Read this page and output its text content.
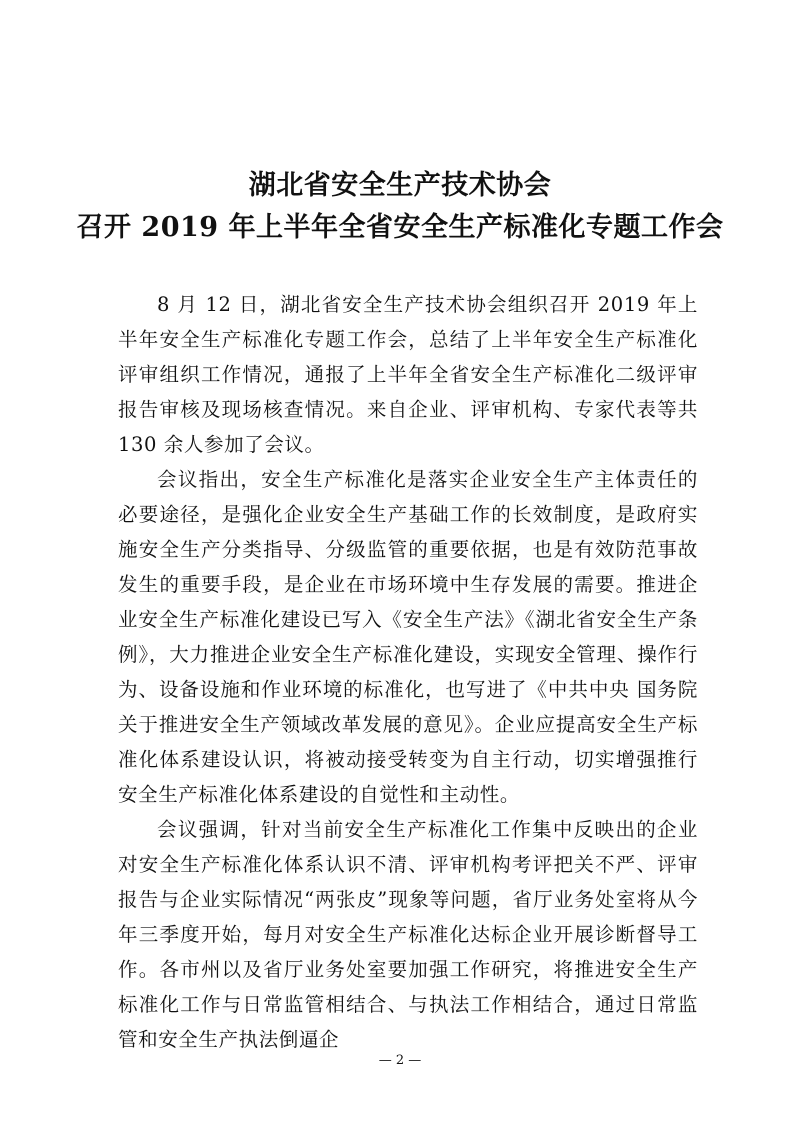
湖北省安全生产技术协会
召开 2019 年上半年全省安全生产标准化专题工作会

8 月 12 日，湖北省安全生产技术协会组织召开 2019 年上半年安全生产标准化专题工作会，总结了上半年安全生产标准化评审组织工作情况，通报了上半年全省安全生产标准化二级评审报告审核及现场核查情况。来自企业、评审机构、专家代表等共 130 余人参加了会议。

会议指出，安全生产标准化是落实企业安全生产主体责任的必要途径，是强化企业安全生产基础工作的长效制度，是政府实施安全生产分类指导、分级监管的重要依据，也是有效防范事故发生的重要手段，是企业在市场环境中生存发展的需要。推进企业安全生产标准化建设已写入《安全生产法》《湖北省安全生产条例》，大力推进企业安全生产标准化建设，实现安全管理、操作行为、设备设施和作业环境的标准化，也写进了《中共中央 国务院关于推进安全生产领域改革发展的意见》。企业应提高安全生产标准化体系建设认识，将被动接受转变为自主行动，切实增强推行安全生产标准化体系建设的自觉性和主动性。

会议强调，针对当前安全生产标准化工作集中反映出的企业对安全生产标准化体系认识不清、评审机构考评把关不严、评审报告与企业实际情况“两张皮”现象等问题，省厅业务处室将从今年三季度开始，每月对安全生产标准化达标企业开展诊断督导工作。各市州以及省厅业务处室要加强工作研究，将推进安全生产标准化工作与日常监管相结合、与执法工作相结合，通过日常监管和安全生产执法倒逼企

— 2 —
